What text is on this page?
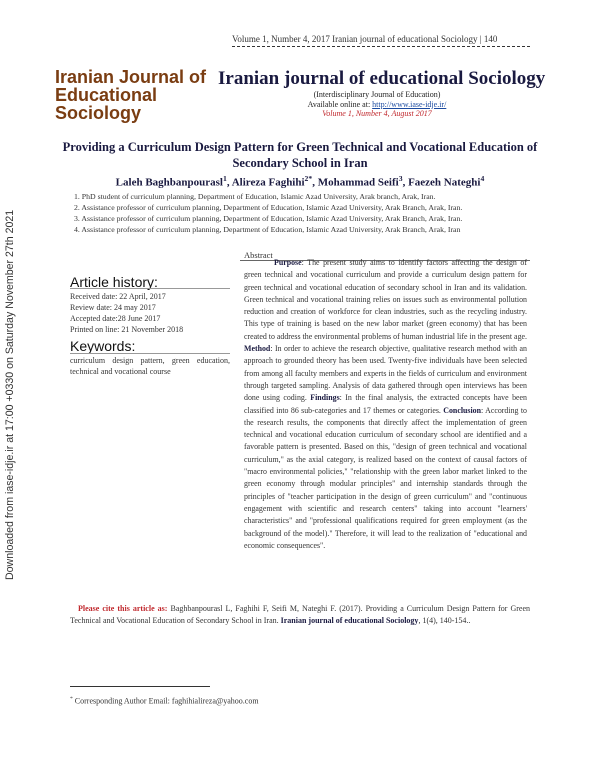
Volume 1, Number 4, 2017 Iranian journal of educational Sociology | 140
Downloaded from iase-idje.ir at 17:00 +0330 on Saturday November 27th 2021
Iranian Journal of
Educational
Sociology
Iranian journal of educational Sociology
(Interdisciplinary Journal of Education)
Available online at: http://www.iase-idje.ir/
Volume 1, Number 4, August 2017
Providing a Curriculum Design Pattern for Green Technical and Vocational Education of Secondary School in Iran
Laleh Baghbanpourasl$^1$, Alireza Faghihi$^{2*}$, Mohammad Seifi$^3$, Faezeh Nateghi$^4$
1. PhD student of curriculum planning, Department of Education, Islamic Azad University, Arak branch, Arak, Iran.
2. Assistance professor of curriculum planning, Department of Education, Islamic Azad University, Arak Branch, Arak, Iran.
3. Assistance professor of curriculum planning, Department of Education, Islamic Azad University, Arak Branch, Arak, Iran.
4. Assistance professor of curriculum planning, Department of Education, Islamic Azad University, Arak Branch, Arak, Iran
Article history:
Received date: 22 April, 2017
Review date: 24 may 2017
Accepted date:28 June 2017
Printed on line: 21 November 2018
Keywords:
curriculum design pattern, green education, technical and vocational course
Abstract
Purpose: The present study aims to identify factors affecting the design of green technical and vocational curriculum and provide a curriculum design pattern for green technical and vocational education of secondary school in Iran and its validation. Green technical and vocational training relies on issues such as environmental pollution reduction and creation of workforce for clean industries, such as the recycling industry. This type of training is based on the new labor market (green economy) that has been created to address the environmental problems of human industrial life in the present age. Method: In order to achieve the research objective, qualitative research method with an approach to grounded theory has been used. Twenty-five individuals have been selected from among all faculty members and experts in the fields of curriculum and environment through targeted sampling. Analysis of data gathered through open interviews has been done using coding. Findings: In the final analysis, the extracted concepts have been classified into 86 sub-categories and 17 themes or categories. Conclusion: According to the research results, the components that directly affect the implementation of green technical and vocational education curriculum of secondary school are identified and a favorable pattern is presented. Based on this, "design of green technical and vocational curriculum," as the axial category, is realized based on the context of causal factors of "macro environmental policies," "relationship with the green labor market linked to the green economy through modular principles" and internship standards through the principles of "teacher participation in the design of green curriculum" and "continuous engagement with scientific and research centers" taking into account "learners' characteristics" and "professional qualifications required for green employment (as the background of the model)." Therefore, it will lead to the realization of "educational and economic consequences".
Please cite this article as: Baghbanpourasl L, Faghihi F, Seifi M, Nateghi F. (2017). Providing a Curriculum Design Pattern for Green Technical and Vocational Education of Secondary School in Iran. Iranian journal of educational Sociology, 1(4), 140-154..
* Corresponding Author Email: faghihialireza@yahoo.com
